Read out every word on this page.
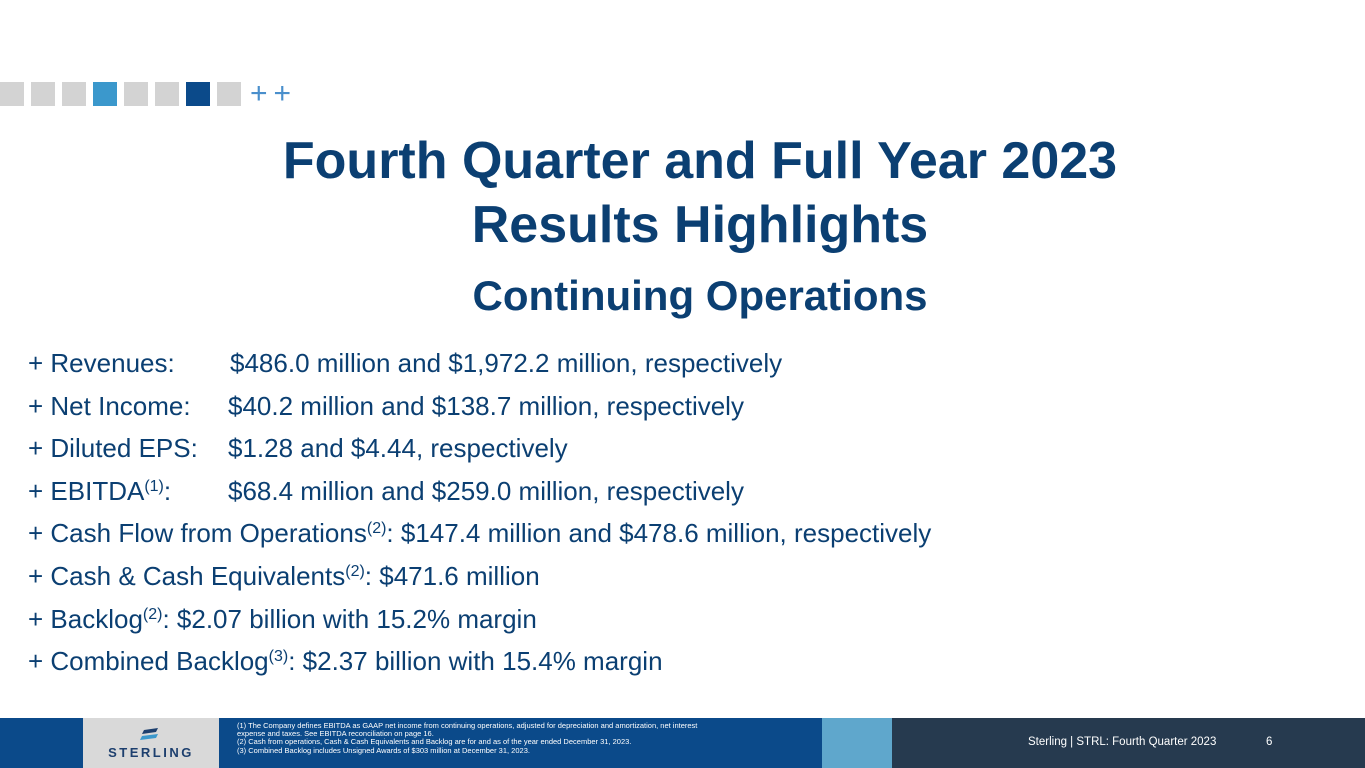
+ +
Fourth Quarter and Full Year 2023
Results Highlights
Continuing Operations
+ Revenues:	$486.0 million and $1,972.2 million, respectively
+ Net Income:	$40.2 million and $138.7 million, respectively
+ Diluted EPS:	$1.28 and $4.44, respectively
+ $EBITDA^{(1)}$:	$68.4 million and $259.0 million, respectively
+ Cash Flow from Operations$^{(2)}$ : $147.4 million and $478.6 million, respectively
+ Cash & Cash Equivalents$^{(2)}$ : $471.6 million
+ Backlog$^{(2)}$ : $2.07 billion with 15.2% margin
+ Combined Backlog$^{(3)}$ : $2.37 billion with 15.4% margin
STERLING
(1) The Company defines EBITDA as GAAP net income from continuing operations, adjusted for depreciation and amortization, net interest
expense and taxes. See EBITDA reconciliation on page 16.
(2) Cash from operations, Cash & Cash Equivalents and Backlog are for and as of the year ended December 31, 2023.
(3) Combined Backlog includes Unsigned Awards of $303 million at December 31, 2023.
Sterling | STRL: Fourth Quarter 2023	6
